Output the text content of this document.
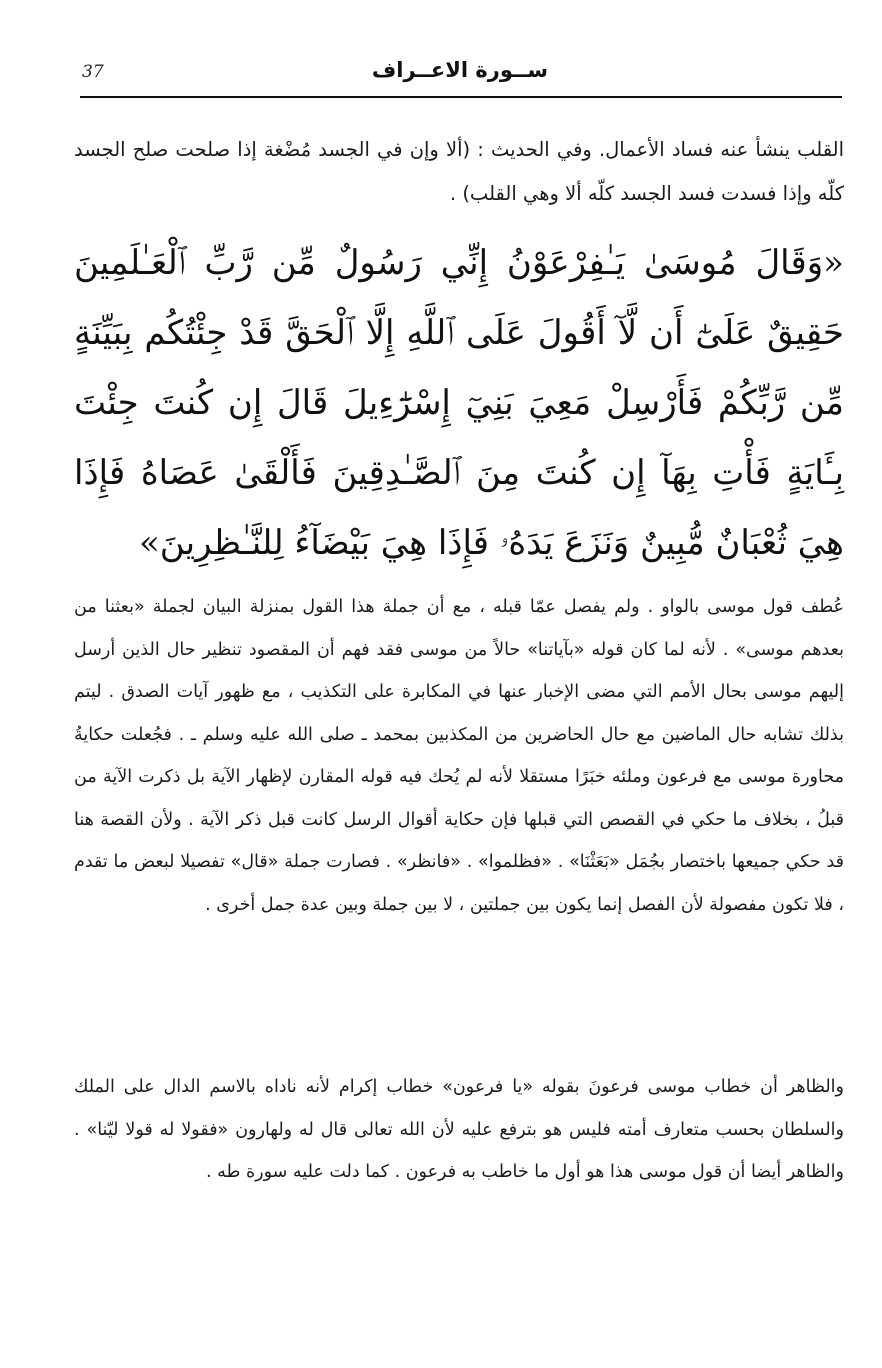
37	ســورة الاعــراف

القلب ينشأ عنه فساد الأعمال. وفي الحديث : (ألا وإن في الجسد مُضْغة إذا صلحت صلح الجسد كلّه وإذا فسدت فسد الجسد كلّه ألا وهي القلب) .

«وَقَالَ مُوسَىٰ يَـٰفِرْعَوْنُ إِنِّي رَسُولٌ مِّن رَّبِّ ٱلْعَـٰلَمِينَ حَقِيقٌ عَلَىٰٓ أَن لَّآ أَقُولَ عَلَى ٱللَّهِ إِلَّا ٱلْحَقَّ قَدْ جِئْتُكُم بِبَيِّنَةٍ مِّن رَّبِّكُمْ فَأَرْسِلْ مَعِيَ بَنِيٓ إِسْرَٰٓءِيلَ قَالَ إِن كُنتَ جِئْتَ بِـَٔايَةٍ فَأْتِ بِهَآ إِن كُنتَ مِنَ ٱلصَّـٰدِقِينَ فَأَلْقَىٰ عَصَاهُ فَإِذَا هِيَ ثُعْبَانٌ مُّبِينٌ وَنَزَعَ يَدَهُۥ فَإِذَا هِيَ بَيْضَآءُ لِلنَّـٰظِرِينَ»

عُطف قول موسى بالواو . ولم يفصل عمّا قبله ، مع أن جملة هذا القول بمنزلة البيان لجملة «بعثنا من بعدهم موسى» . لأنه لما كان قوله «بآياتنا» حالاً من موسى فقد فهم أن المقصود تنظير حال الذين أرسل إليهم موسى بحال الأمم التي مضى الإخبار عنها في المكابرة على التكذيب ، مع ظهور آيات الصدق . ليتم بذلك تشابه حال الماضين مع حال الحاضرين من المكذبين بمحمد ـ صلى الله عليه وسلم ـ . فجُعلت حكايةُ محاورة موسى مع فرعون وملئه خبَرًا مستقلا لأنه لم يُحك فيه قوله المقارن لإظهار الآية بل ذكرت الآية من قبلُ ، بخلاف ما حكي في القصص التي قبلها فإن حكاية أقوال الرسل كانت قبل ذكر الآية . ولأن القصة هنا قد حكي جميعها باختصار بجُمَل «بَعَثْنَا» . «فظلموا» . «فانظر» . فصارت جملة «قال» تفصيلا لبعض ما تقدم ، فلا تكون مفصولة لأن الفصل إنما يكون بين جملتين ، لا بين جملة وبين عدة جمل أخرى .

والظاهر أن خطاب موسى فرعونَ بقوله «يا فرعون» خطاب إكرام لأنه ناداه بالاسم الدال على الملك والسلطان بحسب متعارف أمته فليس هو بترفع عليه لأن الله تعالى قال له ولهارون «فقولا له قولا ليّنا» . والظاهر أيضا أن قول موسى هذا هو أول ما خاطب به فرعون . كما دلت عليه سورة طه .
